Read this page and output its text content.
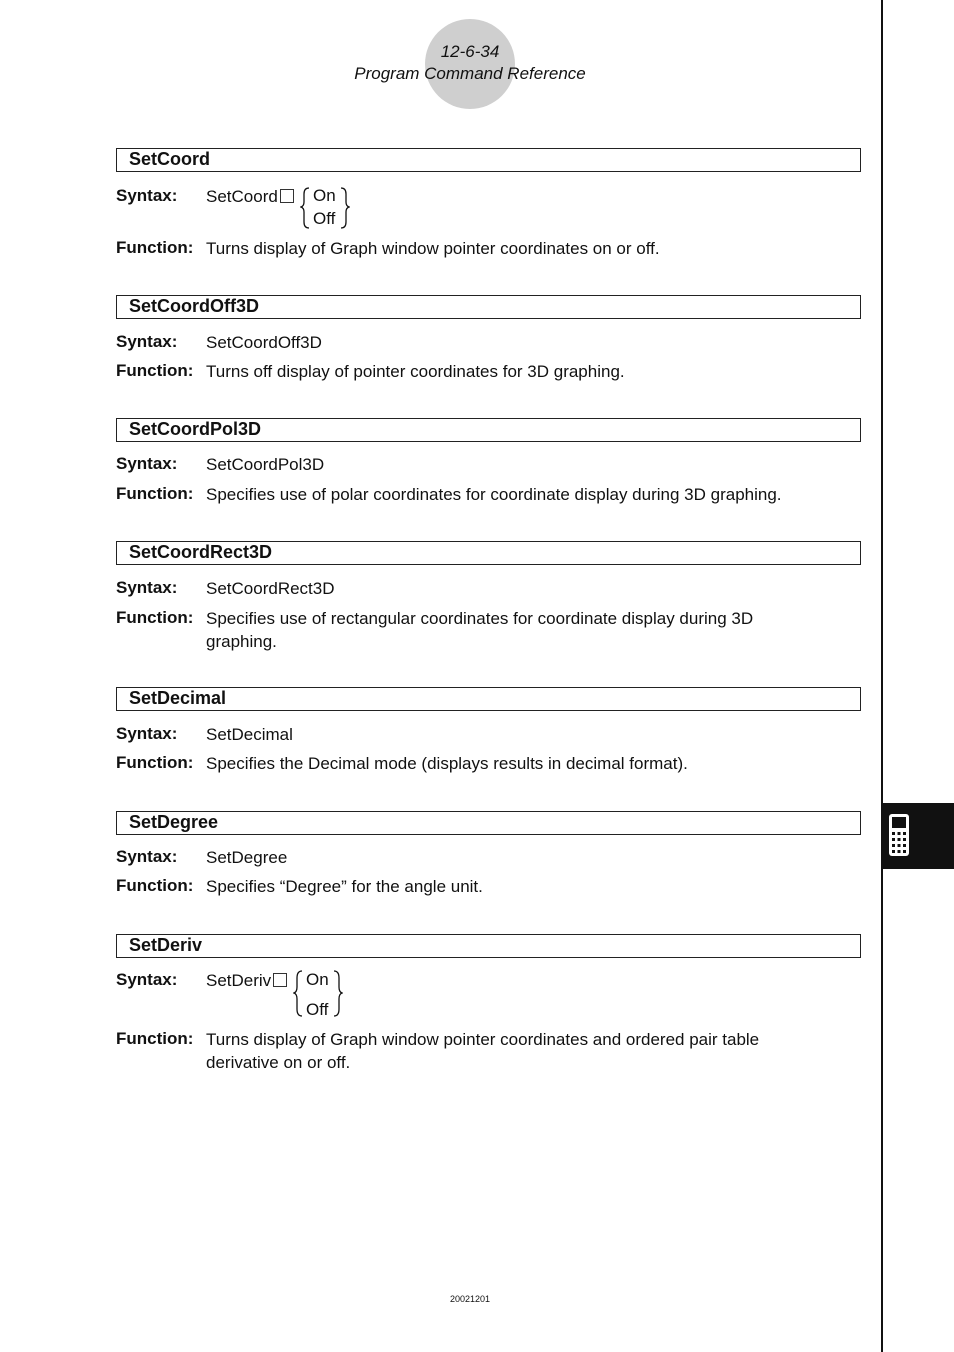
12-6-34
Program Command Reference
SetCoord
Syntax: SetCoord	On
Off
Function: Turns display of Graph window pointer coordinates on or off.
SetCoordOff3D
Syntax: SetCoordOff3D
Function: Turns off display of pointer coordinates for 3D graphing.
SetCoordPol3D
Syntax: SetCoordPol3D
Function: Specifies use of polar coordinates for coordinate display during 3D graphing.
SetCoordRect3D
Syntax: SetCoordRect3D
Function: Specifies use of rectangular coordinates for coordinate display during 3D
graphing.
SetDecimal
Syntax: SetDecimal
Function: Specifies the Decimal mode (displays results in decimal format).
SetDegree
Syntax: SetDegree
Function: Specifies “Degree” for the angle unit.
SetDeriv
Syntax: SetDeriv	On
Off
Function: Turns display of Graph window pointer coordinates and ordered pair table
derivative on or off.
20021201
